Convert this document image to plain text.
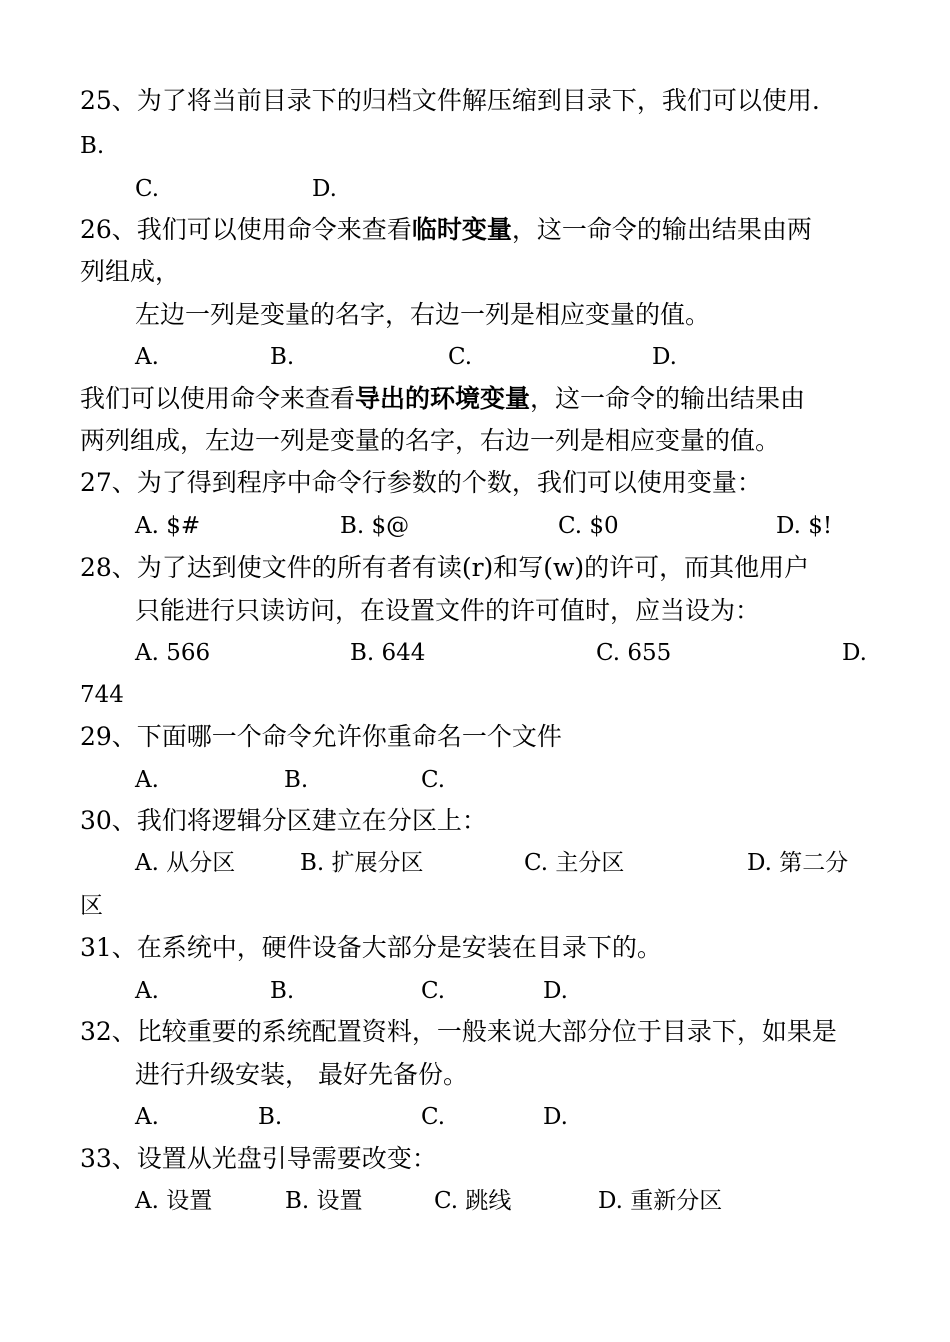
25、为了将当前目录下的归档文件解压缩到目录下，我们可以使用.
B.
C.	D.
26、我们可以使用命令来查看临时变量，这一命令的输出结果由两
列组成，
左边一列是变量的名字，右边一列是相应变量的值。
A.	B.	C.	D.
我们可以使用命令来查看导出的环境变量，这一命令的输出结果由
两列组成，左边一列是变量的名字，右边一列是相应变量的值。
27、为了得到程序中命令行参数的个数，我们可以使用变量：
A. $#	B. $@	C. $0	D. $!
28、为了达到使文件的所有者有读(r)和写(w)的许可，而其他用户
只能进行只读访问，在设置文件的许可值时，应当设为：
A. 566	B. 644	C. 655	D.
744
29、下面哪一个命令允许你重命名一个文件
A.	B.	C.
30、我们将逻辑分区建立在分区上：
A. 从分区	B. 扩展分区	C. 主分区	D. 第二分
区
31、在系统中，硬件设备大部分是安装在目录下的。
A.	B.	C.	D.
32、比较重要的系统配置资料，一般来说大部分位于目录下，如果是
进行升级安装， 最好先备份。
A.	B.	C.	D.
33、设置从光盘引导需要改变：
A. 设置	B. 设置	C. 跳线	D. 重新分区
